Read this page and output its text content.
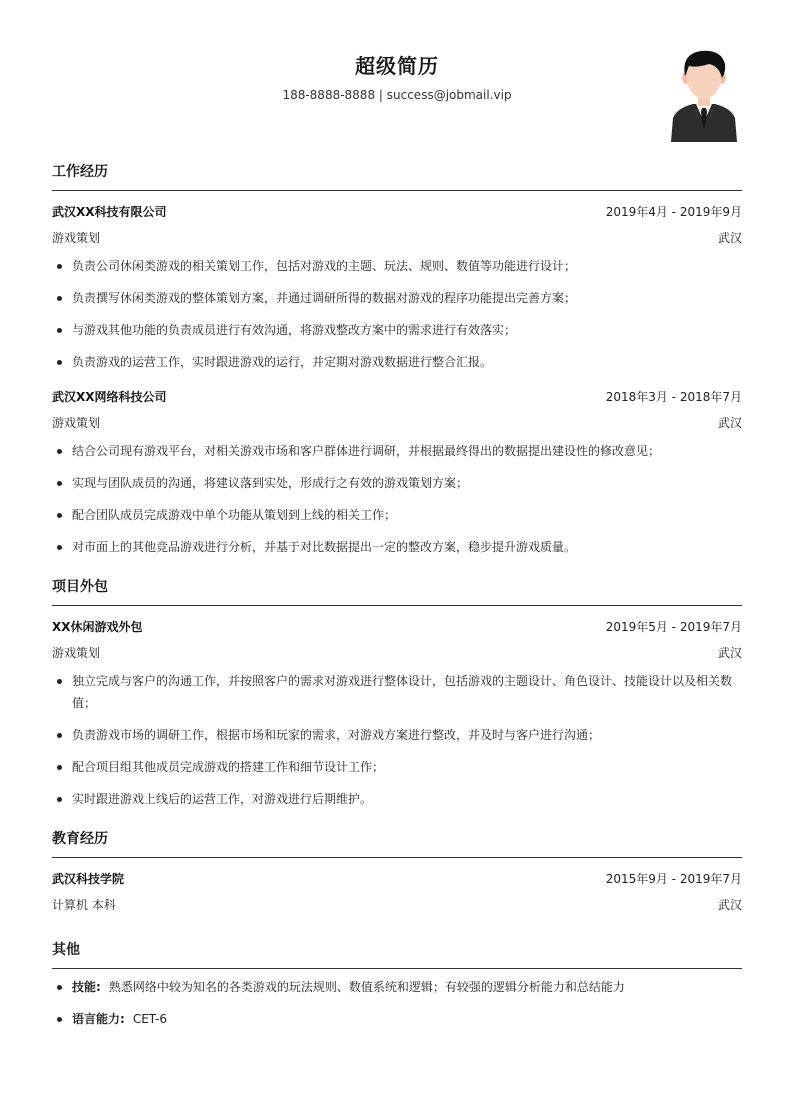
超级简历
188-8888-8888 | success@jobmail.vip
工作经历
武汉XX科技有限公司	2019年4月 - 2019年9月
游戏策划	武汉
负责公司休闲类游戏的相关策划工作，包括对游戏的主题、玩法、规则、数值等功能进行设计；
负责撰写休闲类游戏的整体策划方案，并通过调研所得的数据对游戏的程序功能提出完善方案；
与游戏其他功能的负责成员进行有效沟通，将游戏整改方案中的需求进行有效落实；
负责游戏的运营工作，实时跟进游戏的运行，并定期对游戏数据进行整合汇报。
武汉XX网络科技公司	2018年3月 - 2018年7月
游戏策划	武汉
结合公司现有游戏平台，对相关游戏市场和客户群体进行调研，并根据最终得出的数据提出建设性的修改意见；
实现与团队成员的沟通，将建议落到实处，形成行之有效的游戏策划方案；
配合团队成员完成游戏中单个功能从策划到上线的相关工作；
对市面上的其他竞品游戏进行分析，并基于对比数据提出一定的整改方案，稳步提升游戏质量。
项目外包
XX休闲游戏外包	2019年5月 - 2019年7月
游戏策划	武汉
独立完成与客户的沟通工作，并按照客户的需求对游戏进行整体设计，包括游戏的主题设计、角色设计、技能设计以及相关数值；
负责游戏市场的调研工作，根据市场和玩家的需求，对游戏方案进行整改，并及时与客户进行沟通；
配合项目组其他成员完成游戏的搭建工作和细节设计工作；
实时跟进游戏上线后的运营工作，对游戏进行后期维护。
教育经历
武汉科技学院	2015年9月 - 2019年7月
计算机 本科	武汉
其他
技能: 熟悉网络中较为知名的各类游戏的玩法规则、数值系统和逻辑；有较强的逻辑分析能力和总结能力
语言能力: CET-6
